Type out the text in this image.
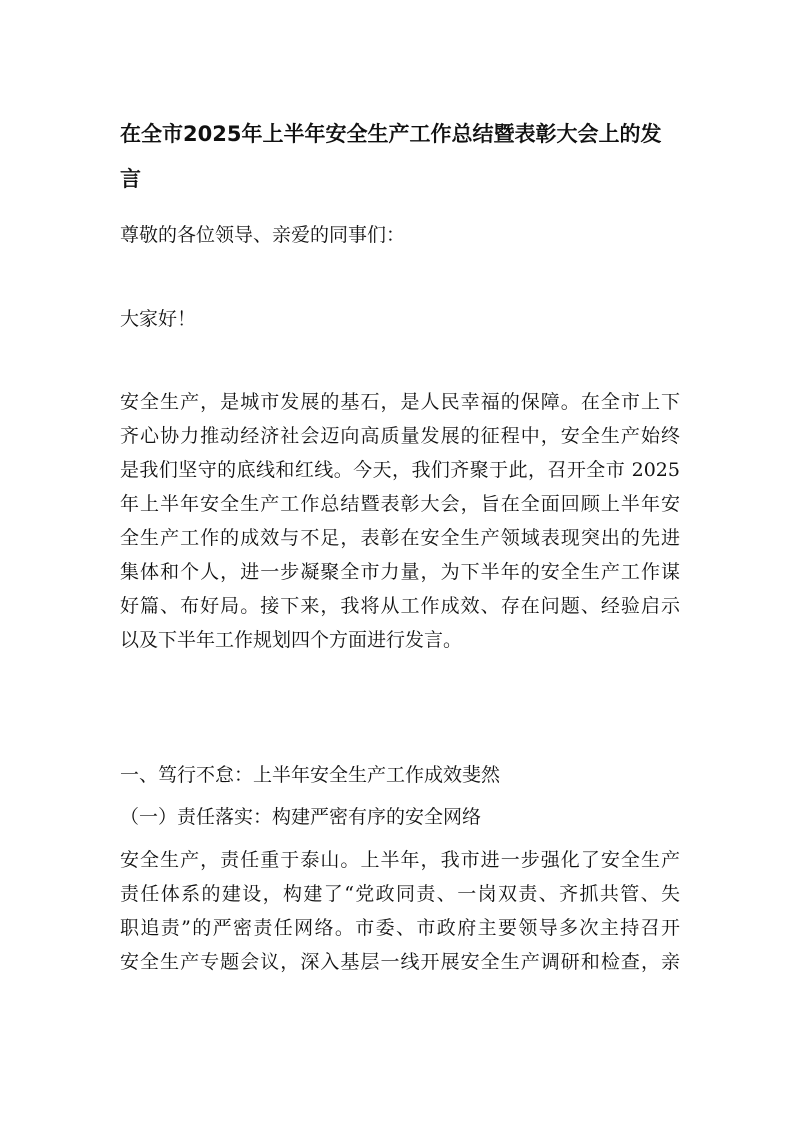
在全市2025年上半年安全生产工作总结暨表彰大会上的发言

尊敬的各位领导、亲爱的同事们：

大家好！

安全生产，是城市发展的基石，是人民幸福的保障。在全市上下
齐心协力推动经济社会迈向高质量发展的征程中，安全生产始终
是我们坚守的底线和红线。今天，我们齐聚于此，召开全市 2025
年上半年安全生产工作总结暨表彰大会，旨在全面回顾上半年安
全生产工作的成效与不足，表彰在安全生产领域表现突出的先进
集体和个人，进一步凝聚全市力量，为下半年的安全生产工作谋
好篇、布好局。接下来，我将从工作成效、存在问题、经验启示
以及下半年工作规划四个方面进行发言。

一、笃行不怠：上半年安全生产工作成效斐然

（一）责任落实：构建严密有序的安全网络

安全生产，责任重于泰山。上半年，我市进一步强化了安全生产
责任体系的建设，构建了“党政同责、一岗双责、齐抓共管、失
职追责”的严密责任网络。市委、市政府主要领导多次主持召开
安全生产专题会议，深入基层一线开展安全生产调研和检查，亲
